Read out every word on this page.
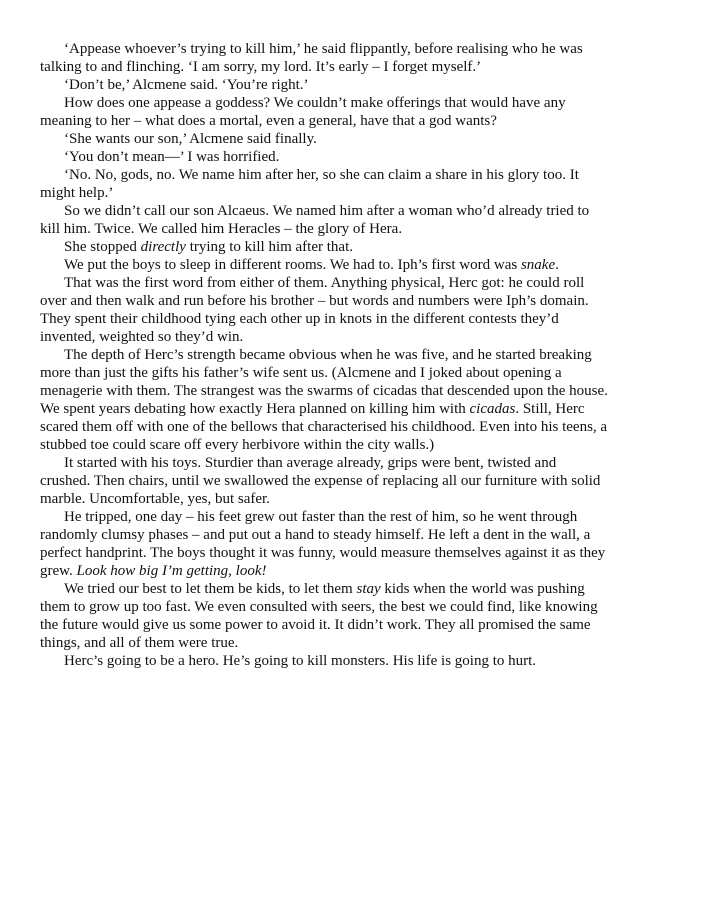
‘Appease whoever’s trying to kill him,’ he said flippantly, before realising who he was talking to and flinching. ‘I am sorry, my lord. It’s early – I forget myself.’

‘Don’t be,’ Alcmene said. ‘You’re right.’

How does one appease a goddess? We couldn’t make offerings that would have any meaning to her – what does a mortal, even a general, have that a god wants?

‘She wants our son,’ Alcmene said finally.

‘You don’t mean—’ I was horrified.

‘No. No, gods, no. We name him after her, so she can claim a share in his glory too. It might help.’

So we didn’t call our son Alcaeus. We named him after a woman who’d already tried to kill him. Twice. We called him Heracles – the glory of Hera.

She stopped directly trying to kill him after that.

We put the boys to sleep in different rooms. We had to. Iph’s first word was snake.

That was the first word from either of them. Anything physical, Herc got: he could roll over and then walk and run before his brother – but words and numbers were Iph’s domain. They spent their childhood tying each other up in knots in the different contests they’d invented, weighted so they’d win.

The depth of Herc’s strength became obvious when he was five, and he started breaking more than just the gifts his father’s wife sent us. (Alcmene and I joked about opening a menagerie with them. The strangest was the swarms of cicadas that descended upon the house. We spent years debating how exactly Hera planned on killing him with cicadas. Still, Herc scared them off with one of the bellows that characterised his childhood. Even into his teens, a stubbed toe could scare off every herbivore within the city walls.)

It started with his toys. Sturdier than average already, grips were bent, twisted and crushed. Then chairs, until we swallowed the expense of replacing all our furniture with solid marble. Uncomfortable, yes, but safer.

He tripped, one day – his feet grew out faster than the rest of him, so he went through randomly clumsy phases – and put out a hand to steady himself. He left a dent in the wall, a perfect handprint. The boys thought it was funny, would measure themselves against it as they grew. Look how big I’m getting, look!

We tried our best to let them be kids, to let them stay kids when the world was pushing them to grow up too fast. We even consulted with seers, the best we could find, like knowing the future would give us some power to avoid it. It didn’t work. They all promised the same things, and all of them were true.

Herc’s going to be a hero. He’s going to kill monsters. His life is going to hurt.
